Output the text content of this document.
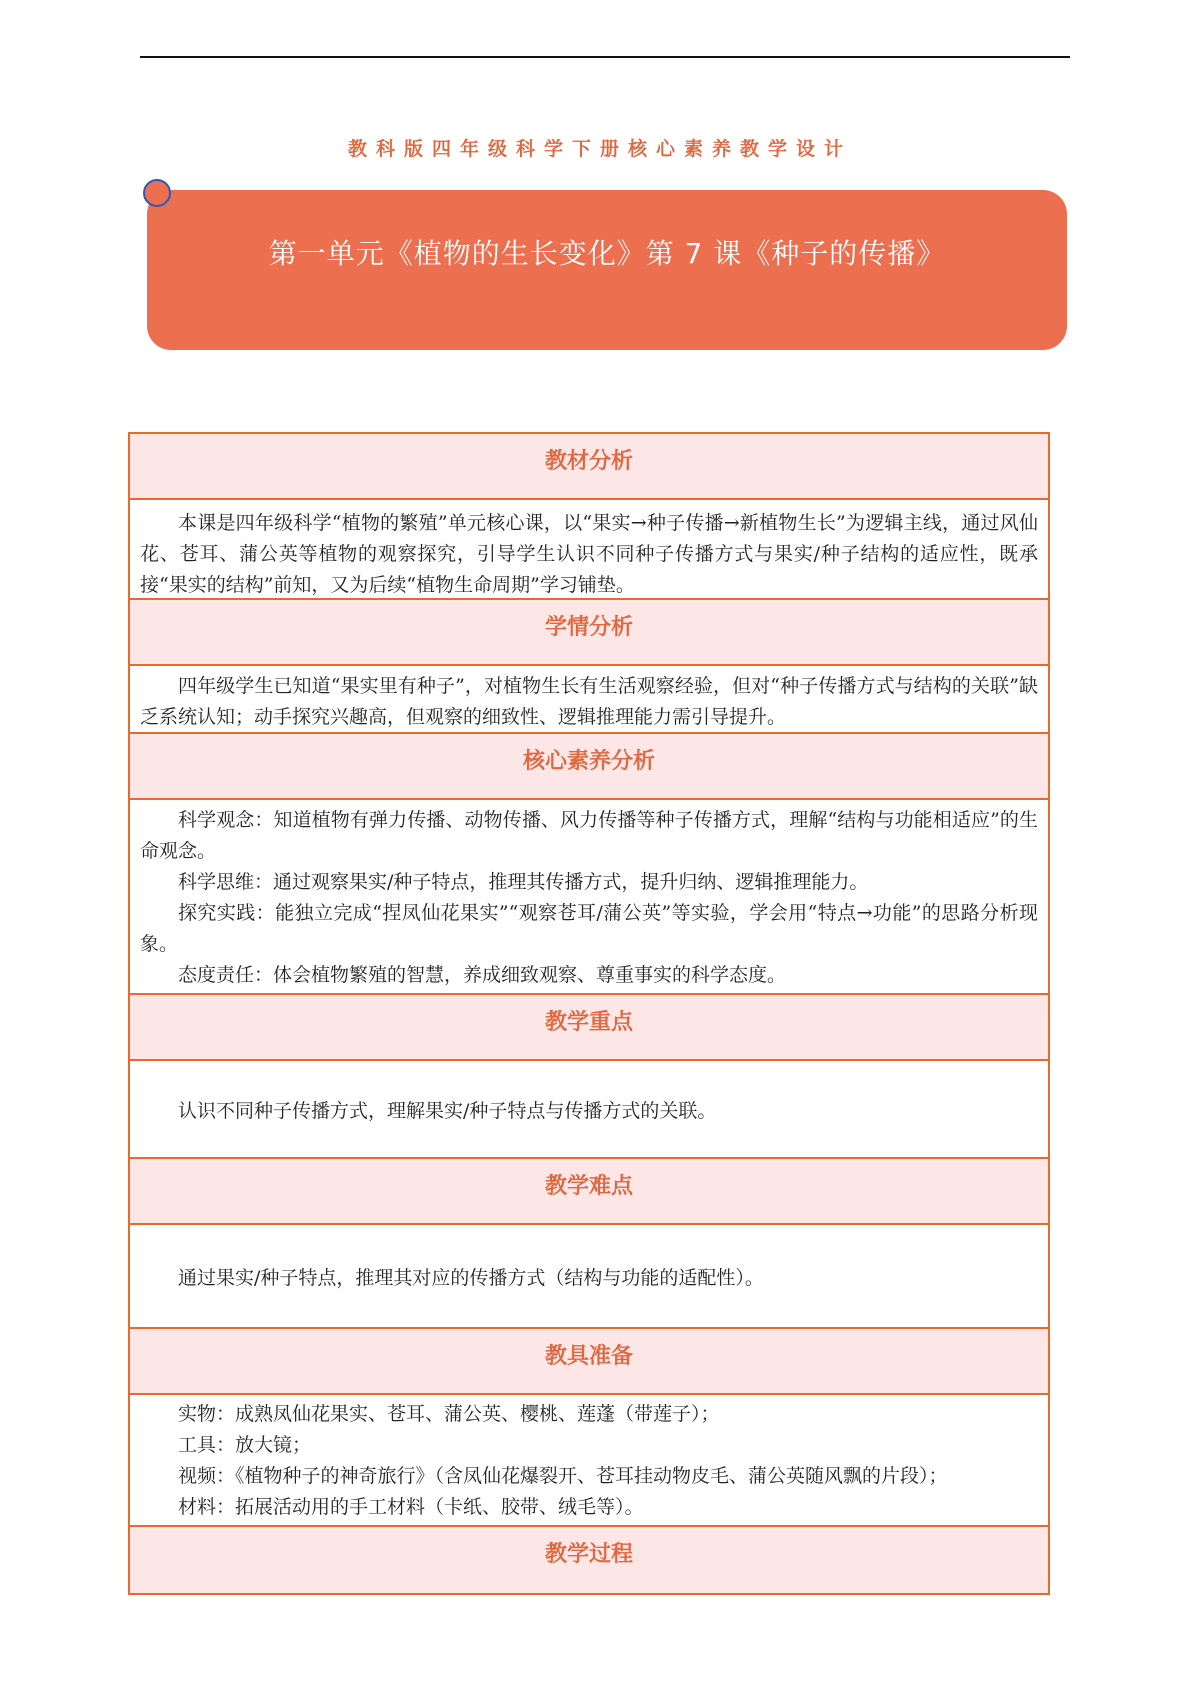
教科版四年级科学下册核心素养教学设计
第一单元《植物的生长变化》第 7 课《种子的传播》
教材分析

本课是四年级科学“植物的繁殖”单元核心课，以“果实→种子传播→新植物生长”为逻辑主线，通过风仙花、苍耳、蒲公英等植物的观察探究，引导学生认识不同种子传播方式与果实/种子结构的适应性，既承接“果实的结构”前知，又为后续“植物生命周期”学习铺垫。

学情分析

四年级学生已知道“果实里有种子”，对植物生长有生活观察经验，但对“种子传播方式与结构的关联”缺乏系统认知；动手探究兴趣高，但观察的细致性、逻辑推理能力需引导提升。

核心素养分析

科学观念：知道植物有弹力传播、动物传播、风力传播等种子传播方式，理解“结构与功能相适应”的生命观念。

科学思维：通过观察果实/种子特点，推理其传播方式，提升归纳、逻辑推理能力。

探究实践：能独立完成“捏凤仙花果实”“观察苍耳/蒲公英”等实验，学会用“特点→功能”的思路分析现象。

态度责任：体会植物繁殖的智慧，养成细致观察、尊重事实的科学态度。

教学重点

认识不同种子传播方式，理解果实/种子特点与传播方式的关联。

教学难点

通过果实/种子特点，推理其对应的传播方式（结构与功能的适配性）。

教具准备

实物：成熟凤仙花果实、苍耳、蒲公英、樱桃、莲蓬（带莲子）；

工具：放大镜；

视频：《植物种子的神奇旅行》（含凤仙花爆裂开、苍耳挂动物皮毛、蒲公英随风飘的片段）；

材料：拓展活动用的手工材料（卡纸、胶带、绒毛等）。

教学过程
